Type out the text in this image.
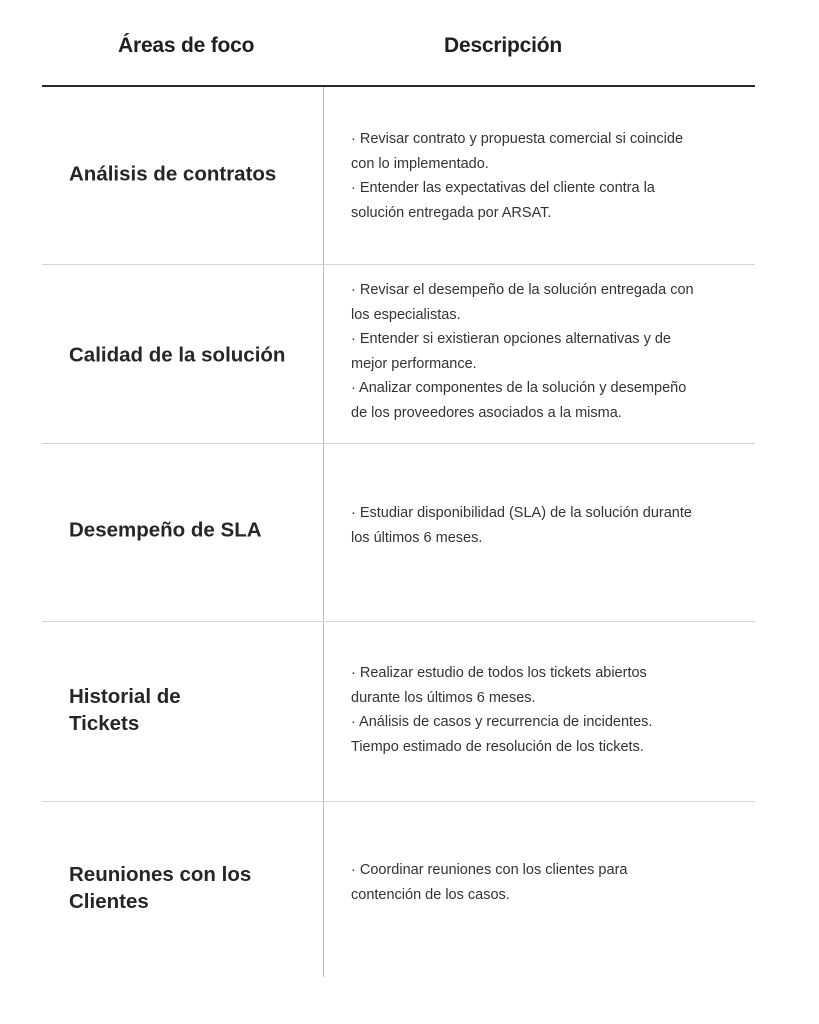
Áreas de foco	Descripción
Análisis de contratos
· Revisar contrato y propuesta comercial si coincide
con lo implementado.
· Entender las expectativas del cliente contra la
solución entregada por ARSAT.
Calidad de la solución
· Revisar el desempeño de la solución entregada con
los especialistas.
· Entender si existieran opciones alternativas y de
mejor performance.
· Analizar componentes de la solución y desempeño
de los proveedores asociados a la misma.
Desempeño de SLA
· Estudiar disponibilidad (SLA) de la solución durante
los últimos 6 meses.
Historial de
Tickets
· Realizar estudio de todos los tickets abiertos
durante los últimos 6 meses.
· Análisis de casos y recurrencia de incidentes.
Tiempo estimado de resolución de los tickets.
Reuniones con los
Clientes
· Coordinar reuniones con los clientes para
contención de los casos.
